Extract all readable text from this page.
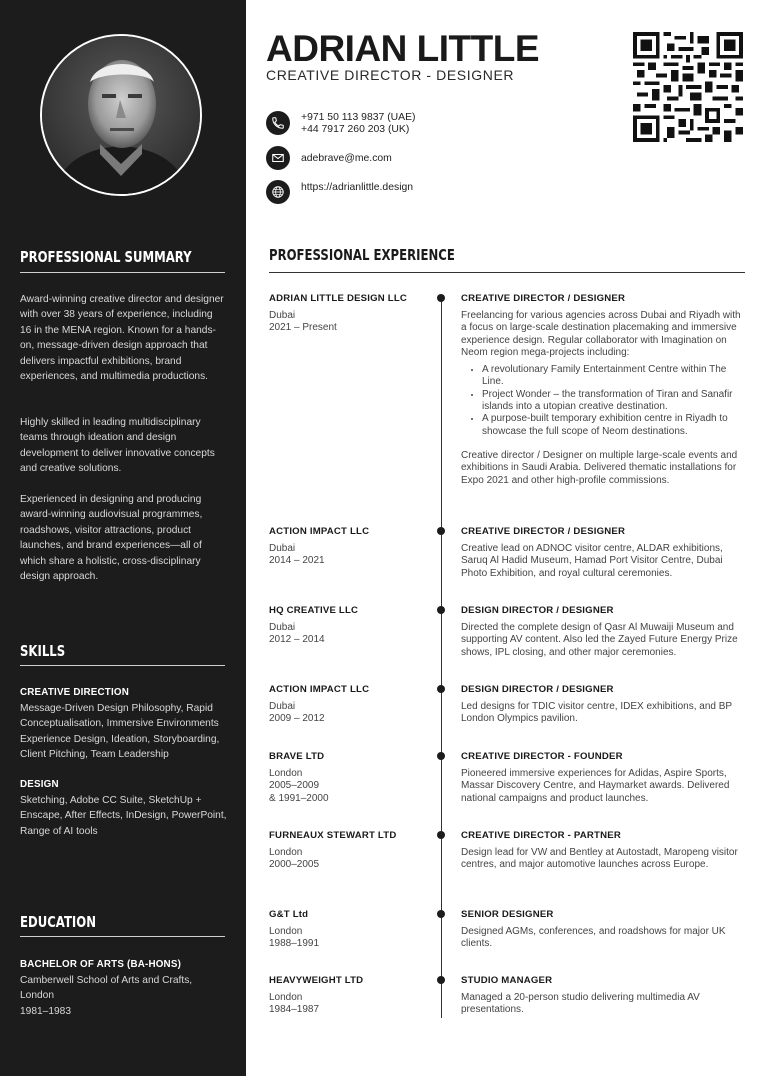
PROFESSIONAL SUMMARY

Award-winning creative director and designer with over 38 years of experience, including 16 in the MENA region. Known for a hands-on, message-driven design approach that delivers impactful exhibitions, brand experiences, and multimedia productions.

Highly skilled in leading multidisciplinary teams through ideation and design development to deliver innovative concepts and creative solutions.

Experienced in designing and producing award-winning audiovisual programmes, roadshows, visitor attractions, product launches, and brand experiences—all of which share a holistic, cross-disciplinary design approach.

SKILLS
CREATIVE DIRECTION
Message-Driven Design Philosophy, Rapid Conceptualisation, Immersive Environments Experience Design, Ideation, Storyboarding, Client Pitching, Team Leadership
DESIGN
Sketching, Adobe CC Suite, SketchUp + Enscape, After Effects, InDesign, PowerPoint, Range of AI tools
EDUCATION
BACHELOR OF ARTS (BA-HONS)
Camberwell School of Arts and Crafts, London
1981–1983
ADRIAN LITTLE
CREATIVE DIRECTOR - DESIGNER
+971 50 113 9837 (UAE)
+44 7917 260 203 (UK)
adebrave@me.com
https://adrianlittle.design
PROFESSIONAL EXPERIENCE
ADRIAN LITTLE DESIGN LLC
Dubai
2021 – Present
CREATIVE DIRECTOR / DESIGNER
Freelancing for various agencies across Dubai and Riyadh with a focus on large-scale destination placemaking and immersive experience design. Regular collaborator with Imagination on Neom region mega-projects including:
• A revolutionary Family Entertainment Centre within The Line.
• Project Wonder – the transformation of Tiran and Sanafir islands into a utopian creative destination.
• A purpose-built temporary exhibition centre in Riyadh to showcase the full scope of Neom destinations.
Creative director / Designer on multiple large-scale events and exhibitions in Saudi Arabia. Delivered thematic installations for Expo 2021 and other high-profile commissions.
ACTION IMPACT LLC
Dubai
2014 – 2021
CREATIVE DIRECTOR / DESIGNER

Creative lead on ADNOC visitor centre, ALDAR exhibitions, Saruq Al Hadid Museum, Hamad Port Visitor Centre, Dubai Photo Exhibition, and royal cultural ceremonies.

HQ CREATIVE LLC
Dubai
2012 – 2014
DESIGN DIRECTOR / DESIGNER

Directed the complete design of Qasr Al Muwaiji Museum and supporting AV content. Also led the Zayed Future Energy Prize shows, IPL closing, and other major ceremonies.

ACTION IMPACT LLC
Dubai
2009 – 2012
DESIGN DIRECTOR / DESIGNER

Led designs for TDIC visitor centre, IDEX exhibitions, and BP London Olympics pavilion.

BRAVE LTD
London
2005–2009
& 1991–2000
CREATIVE DIRECTOR - FOUNDER

Pioneered immersive experiences for Adidas, Aspire Sports, Massar Discovery Centre, and Haymarket awards. Delivered national campaigns and product launches.

FURNEAUX STEWART LTD
London
2000–2005
CREATIVE DIRECTOR - PARTNER

Design lead for VW and Bentley at Autostadt, Maropeng visitor centres, and major automotive launches across Europe.

G&T Ltd
London
1988–1991
SENIOR DESIGNER

Designed AGMs, conferences, and roadshows for major UK clients.

HEAVYWEIGHT LTD
London
1984–1987
STUDIO MANAGER

Managed a 20-person studio delivering multimedia AV presentations.
